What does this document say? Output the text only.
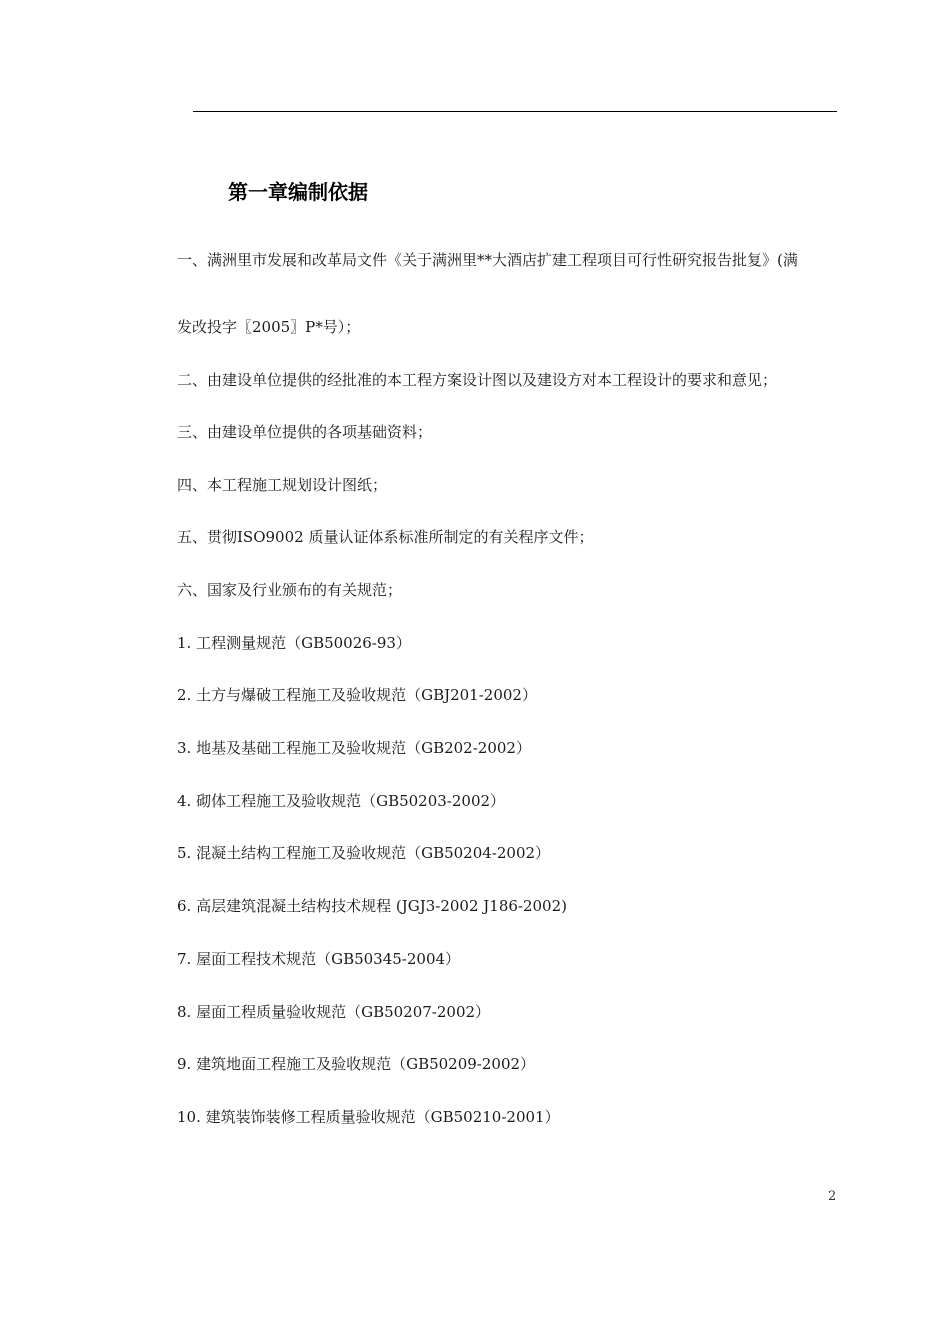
第一章编制依据
一、满洲里市发展和改革局文件《关于满洲里**大酒店扩建工程项目可行性研究报告批复》(满
发改投字〖2005〗P*号）；
二、由建设单位提供的经批准的本工程方案设计图以及建设方对本工程设计的要求和意见；
三、由建设单位提供的各项基础资料；
四、本工程施工规划设计图纸；
五、贯彻ISO9002 质量认证体系标准所制定的有关程序文件；
六、国家及行业颁布的有关规范；
1. 工程测量规范（GB50026-93）
2. 土方与爆破工程施工及验收规范（GBJ201-2002）
3. 地基及基础工程施工及验收规范（GB202-2002）
4. 砌体工程施工及验收规范（GB50203-2002）
5. 混凝土结构工程施工及验收规范（GB50204-2002）
6. 高层建筑混凝土结构技术规程 (JGJ3-2002 J186-2002)
7. 屋面工程技术规范（GB50345-2004）
8. 屋面工程质量验收规范（GB50207-2002）
9. 建筑地面工程施工及验收规范（GB50209-2002）
10. 建筑装饰装修工程质量验收规范（GB50210-2001）
2
